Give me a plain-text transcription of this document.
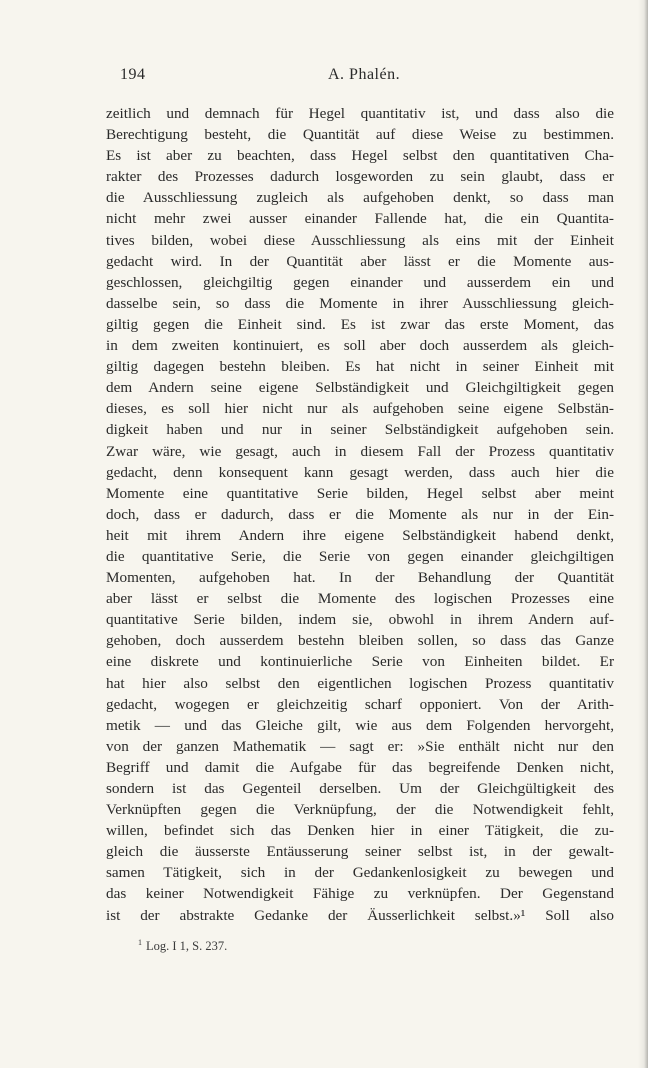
194	A. Phalén.
zeitlich und demnach für Hegel quantitativ ist, und dass also die
Berechtigung besteht, die Quantität auf diese Weise zu bestimmen.
Es ist aber zu beachten, dass Hegel selbst den quantitativen Cha-
rakter des Prozesses dadurch losgeworden zu sein glaubt, dass er
die Ausschliessung zugleich als aufgehoben denkt, so dass man
nicht mehr zwei ausser einander Fallende hat, die ein Quantita-
tives bilden, wobei diese Ausschliessung als eins mit der Einheit
gedacht wird. In der Quantität aber lässt er die Momente aus-
geschlossen, gleichgiltig gegen einander und ausserdem ein und
dasselbe sein, so dass die Momente in ihrer Ausschliessung gleich-
giltig gegen die Einheit sind. Es ist zwar das erste Moment, das
in dem zweiten kontinuiert, es soll aber doch ausserdem als gleich-
giltig dagegen bestehn bleiben. Es hat nicht in seiner Einheit mit
dem Andern seine eigene Selbständigkeit und Gleichgiltigkeit gegen
dieses, es soll hier nicht nur als aufgehoben seine eigene Selbstän-
digkeit haben und nur in seiner Selbständigkeit aufgehoben sein.
Zwar wäre, wie gesagt, auch in diesem Fall der Prozess quantitativ
gedacht, denn konsequent kann gesagt werden, dass auch hier die
Momente eine quantitative Serie bilden, Hegel selbst aber meint
doch, dass er dadurch, dass er die Momente als nur in der Ein-
heit mit ihrem Andern ihre eigene Selbständigkeit habend denkt,
die quantitative Serie, die Serie von gegen einander gleichgiltigen
Momenten, aufgehoben hat. In der Behandlung der Quantität
aber lässt er selbst die Momente des logischen Prozesses eine
quantitative Serie bilden, indem sie, obwohl in ihrem Andern auf-
gehoben, doch ausserdem bestehn bleiben sollen, so dass das Ganze
eine diskrete und kontinuierliche Serie von Einheiten bildet. Er
hat hier also selbst den eigentlichen logischen Prozess quantitativ
gedacht, wogegen er gleichzeitig scharf opponiert. Von der Arith-
metik — und das Gleiche gilt, wie aus dem Folgenden hervorgeht,
von der ganzen Mathematik — sagt er: »Sie enthält nicht nur den
Begriff und damit die Aufgabe für das begreifende Denken nicht,
sondern ist das Gegenteil derselben. Um der Gleichgültigkeit des
Verknüpften gegen die Verknüpfung, der die Notwendigkeit fehlt,
willen, befindet sich das Denken hier in einer Tätigkeit, die zu-
gleich die äusserste Entäusserung seiner selbst ist, in der gewalt-
samen Tätigkeit, sich in der Gedankenlosigkeit zu bewegen und
das keiner Notwendigkeit Fähige zu verknüpfen. Der Gegenstand
ist der abstrakte Gedanke der Äusserlichkeit selbst.»¹ Soll also
$^1$ Log. I 1, S. 237.
